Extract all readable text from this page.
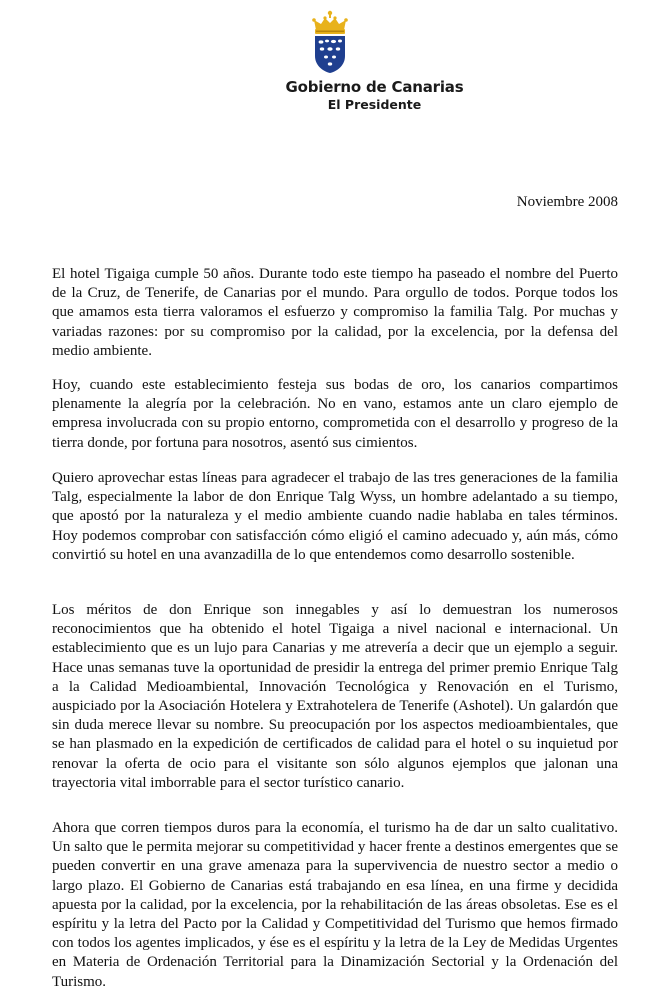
Gobierno de Canarias
El Presidente
Noviembre 2008

El hotel Tigaiga cumple 50 años. Durante todo este tiempo ha paseado el nombre del Puerto de la Cruz, de Tenerife, de Canarias por el mundo. Para orgullo de todos. Porque todos los que amamos esta tierra valoramos el esfuerzo y compromiso la familia Talg. Por muchas y variadas razones: por su compromiso por la calidad, por la excelencia, por la defensa del medio ambiente.

Hoy, cuando este establecimiento festeja sus bodas de oro, los canarios compartimos plenamente la alegría por la celebración. No en vano, estamos ante un claro ejemplo de empresa involucrada con su propio entorno, comprometida con el desarrollo y progreso de la tierra donde, por fortuna para nosotros, asentó sus cimientos.

Quiero aprovechar estas líneas para agradecer el trabajo de las tres generaciones de la familia Talg, especialmente la labor de don Enrique Talg Wyss, un hombre adelantado a su tiempo, que apostó por la naturaleza y el medio ambiente cuando nadie hablaba en tales términos. Hoy podemos comprobar con satisfacción cómo eligió el camino adecuado y, aún más, cómo convirtió su hotel en una avanzadilla de lo que entendemos como desarrollo sostenible.

Los méritos de don Enrique son innegables y así lo demuestran los numerosos reconocimientos que ha obtenido el hotel Tigaiga a nivel nacional e internacional. Un establecimiento que es un lujo para Canarias y me atrevería a decir que un ejemplo a seguir. Hace unas semanas tuve la oportunidad de presidir la entrega del primer premio Enrique Talg a la Calidad Medioambiental, Innovación Tecnológica y Renovación en el Turismo, auspiciado por la Asociación Hotelera y Extrahotelera de Tenerife (Ashotel). Un galardón que sin duda merece llevar su nombre. Su preocupación por los aspectos medioambientales, que se han plasmado en la expedición de certificados de calidad para el hotel o su inquietud por renovar la oferta de ocio para el visitante son sólo algunos ejemplos que jalonan una trayectoria vital imborrable para el sector turístico canario.

Ahora que corren tiempos duros para la economía, el turismo ha de dar un salto cualitativo. Un salto que le permita mejorar su competitividad y hacer frente a destinos emergentes que se pueden convertir en una grave amenaza para la supervivencia de nuestro sector a medio o largo plazo. El Gobierno de Canarias está trabajando en esa línea, en una firme y decidida apuesta por la calidad, por la excelencia, por la rehabilitación de las áreas obsoletas. Ese es el espíritu y la letra del Pacto por la Calidad y Competitividad del Turismo que hemos firmado con todos los agentes implicados, y ése es el espíritu y la letra de la Ley de Medidas Urgentes en Materia de Ordenación Territorial para la Dinamización Sectorial y la Ordenación del Turismo.
